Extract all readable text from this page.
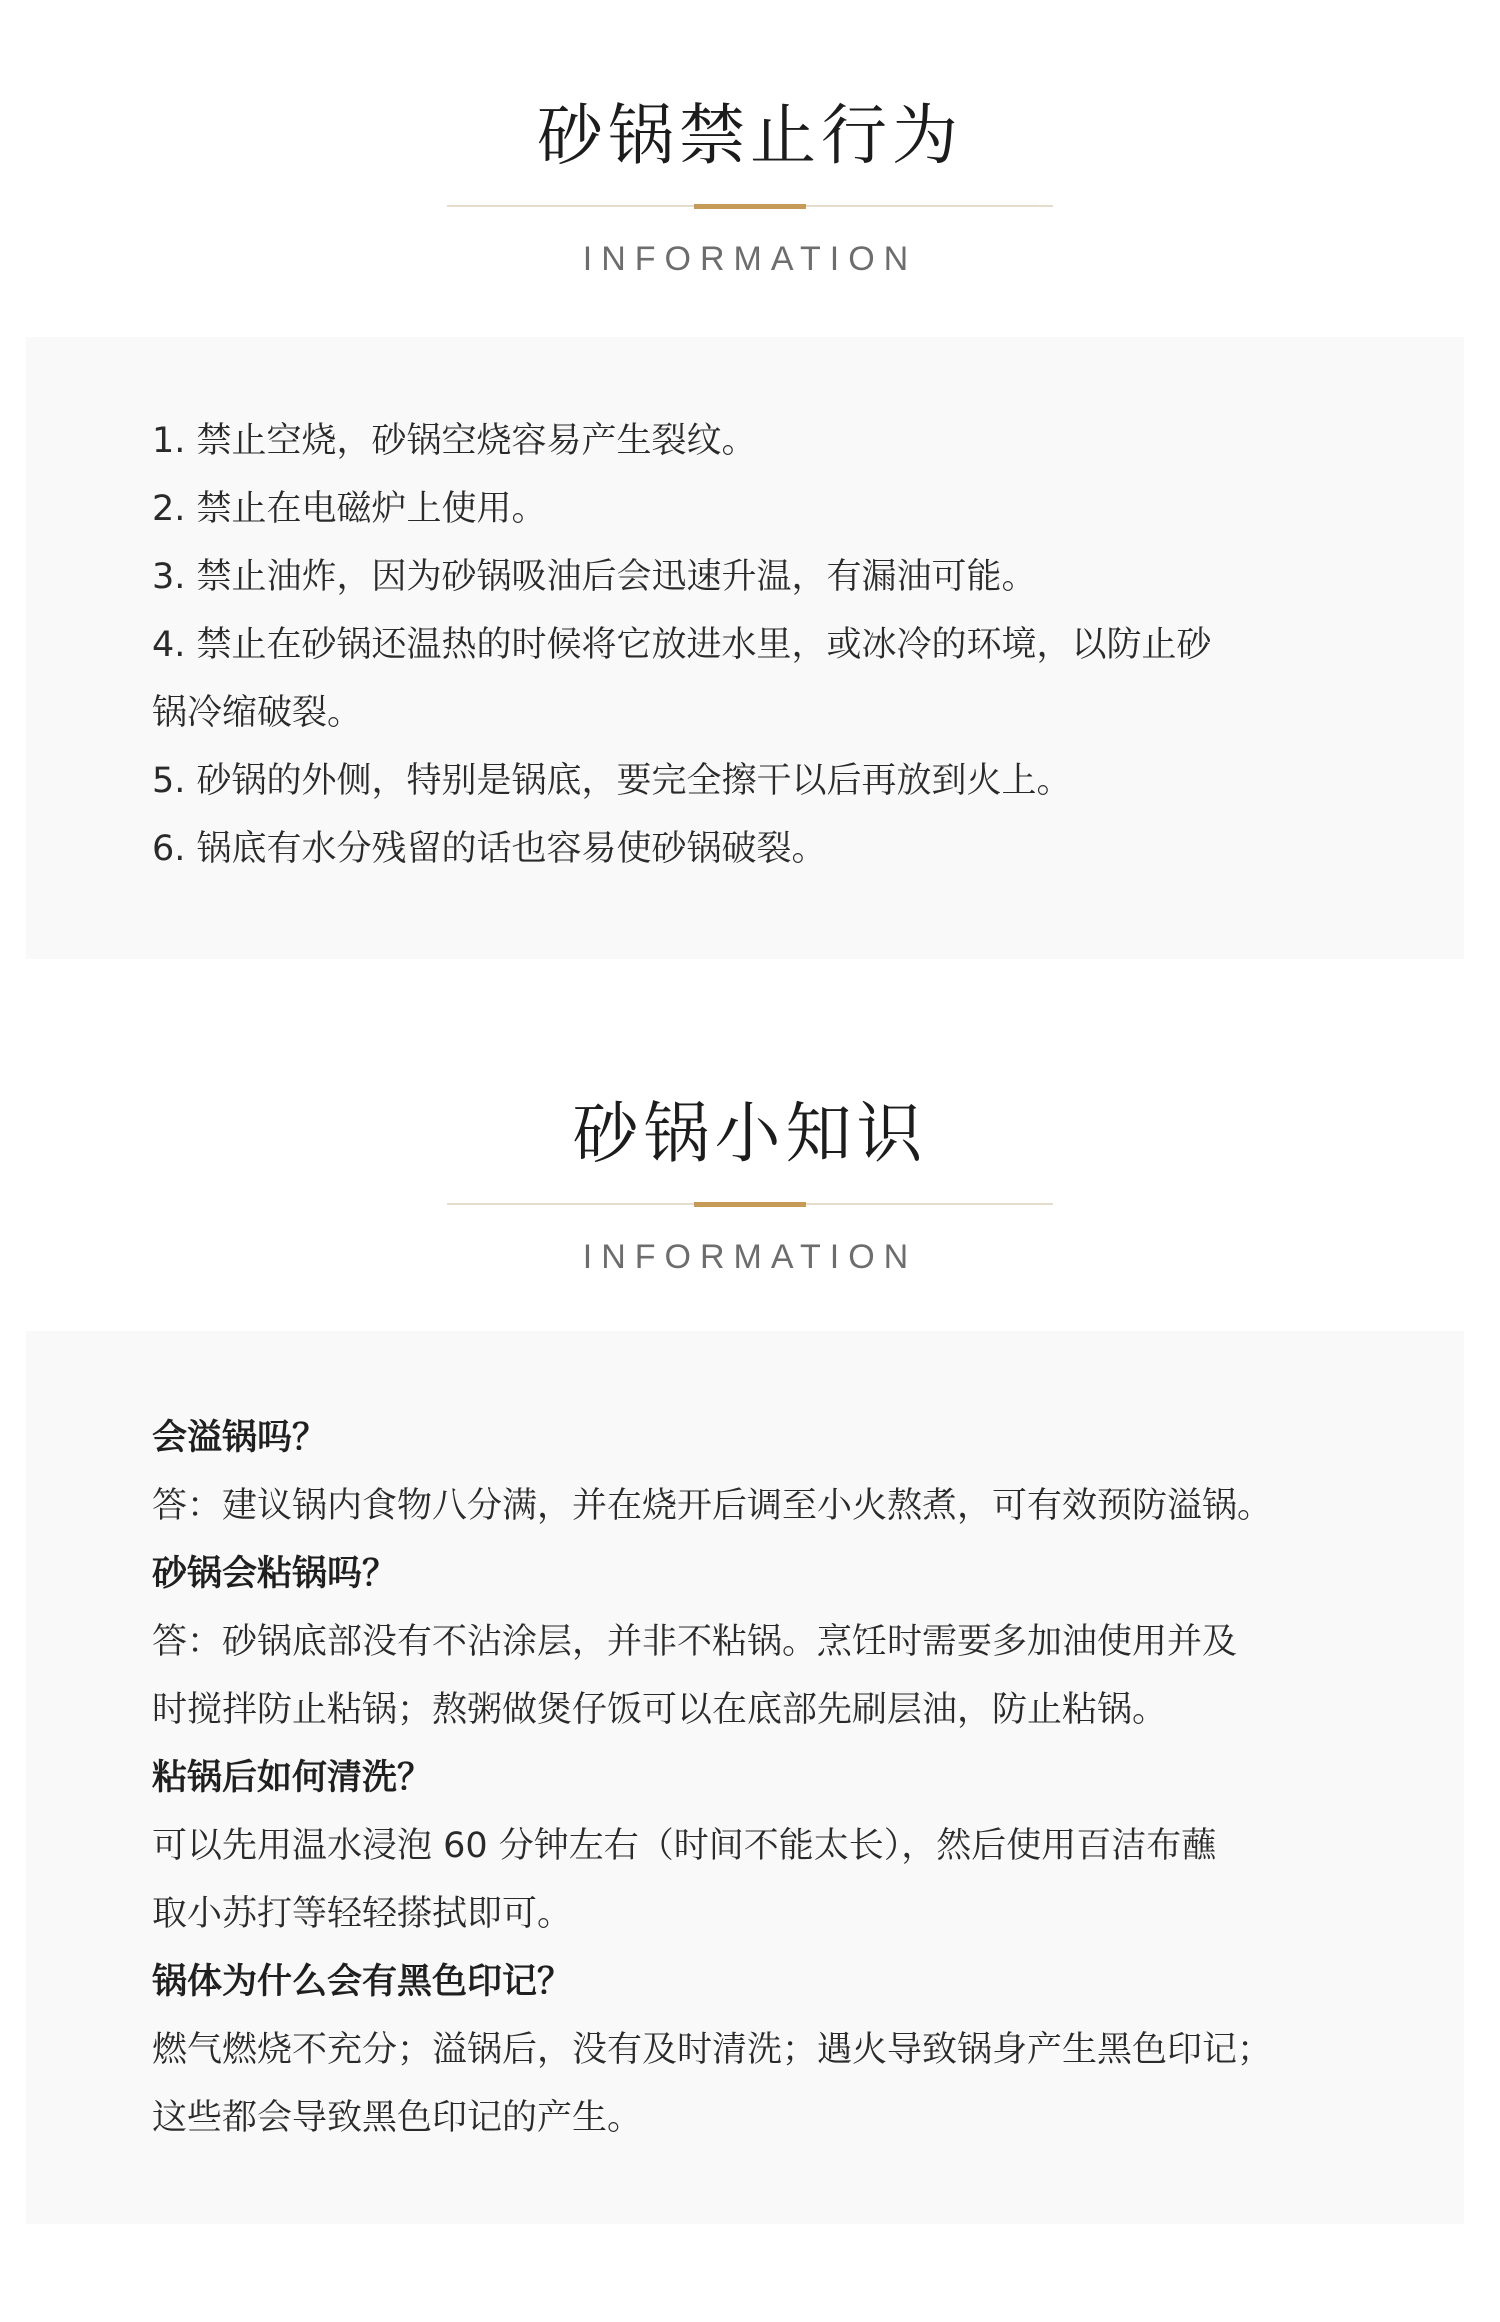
砂锅禁止行为

INFORMATION

1. 禁止空烧，砂锅空烧容易产生裂纹。

2. 禁止在电磁炉上使用。

3. 禁止油炸，因为砂锅吸油后会迅速升温，有漏油可能。

4. 禁止在砂锅还温热的时候将它放进水里，或冰冷的环境，以防止砂

锅冷缩破裂。

5. 砂锅的外侧，特别是锅底，要完全擦干以后再放到火上。

6. 锅底有水分残留的话也容易使砂锅破裂。

砂锅小知识

INFORMATION

会溢锅吗？

答：建议锅内食物八分满，并在烧开后调至小火熬煮，可有效预防溢锅。

砂锅会粘锅吗？

答：砂锅底部没有不沾涂层，并非不粘锅。烹饪时需要多加油使用并及

时搅拌防止粘锅；熬粥做煲仔饭可以在底部先刷层油，防止粘锅。

粘锅后如何清洗？

可以先用温水浸泡 60 分钟左右（时间不能太长），然后使用百洁布蘸

取小苏打等轻轻搽拭即可。

锅体为什么会有黑色印记？

燃气燃烧不充分；溢锅后，没有及时清洗；遇火导致锅身产生黑色印记；

这些都会导致黑色印记的产生。
